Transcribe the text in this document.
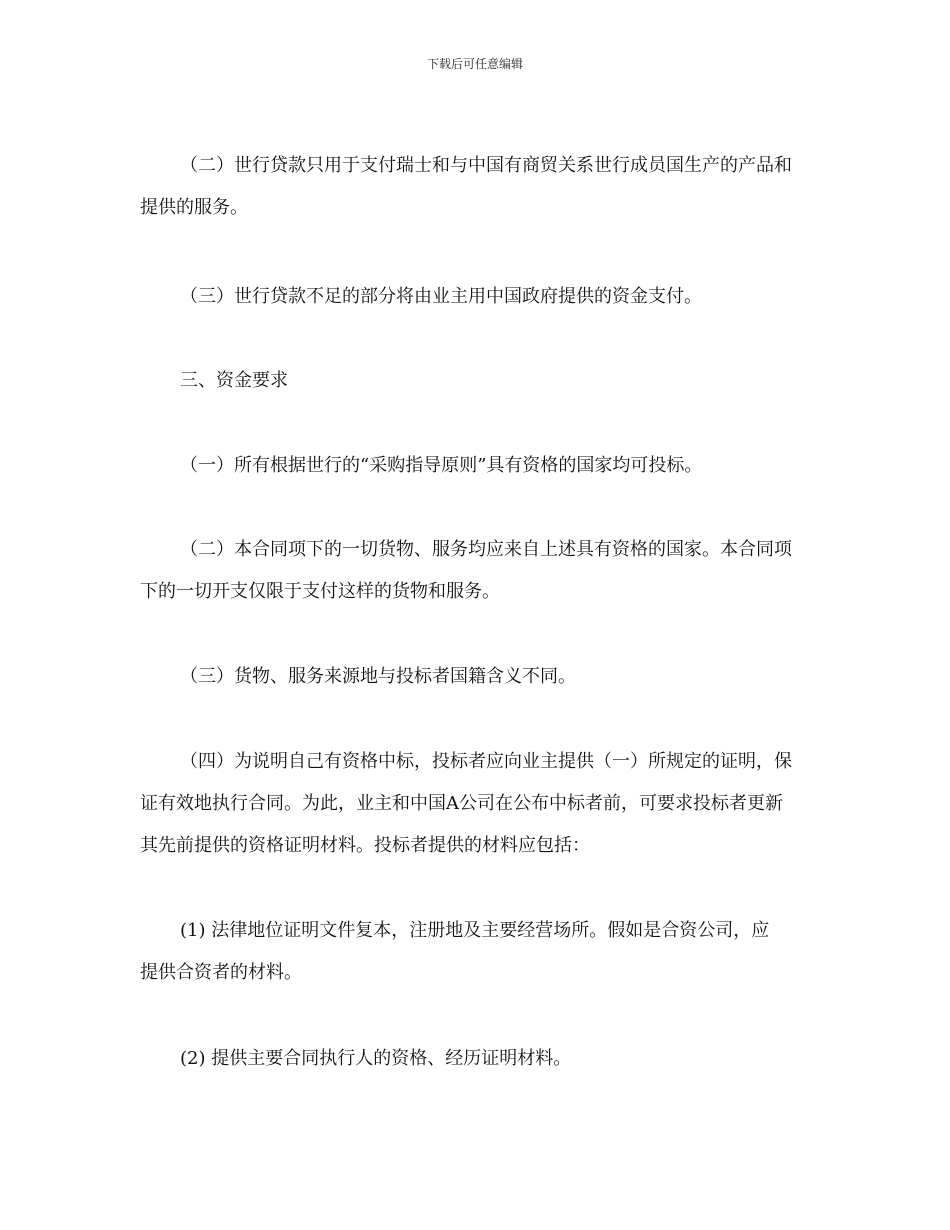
下载后可任意编辑
（二）世行贷款只用于支付瑞士和与中国有商贸关系世行成员国生产的产品和
提供的服务。
（三）世行贷款不足的部分将由业主用中国政府提供的资金支付。
三、资金要求
（一）所有根据世行的“采购指导原则”具有资格的国家均可投标。
（二）本合同项下的一切货物、服务均应来自上述具有资格的国家。本合同项
下的一切开支仅限于支付这样的货物和服务。
（三）货物、服务来源地与投标者国籍含义不同。
（四）为说明自己有资格中标，投标者应向业主提供（一）所规定的证明，保
证有效地执行合同。为此，业主和中国A公司在公布中标者前，可要求投标者更新
其先前提供的资格证明材料。投标者提供的材料应包括：
(1) 法律地位证明文件复本，注册地及主要经营场所。假如是合资公司，应
提供合资者的材料。
(2) 提供主要合同执行人的资格、经历证明材料。
